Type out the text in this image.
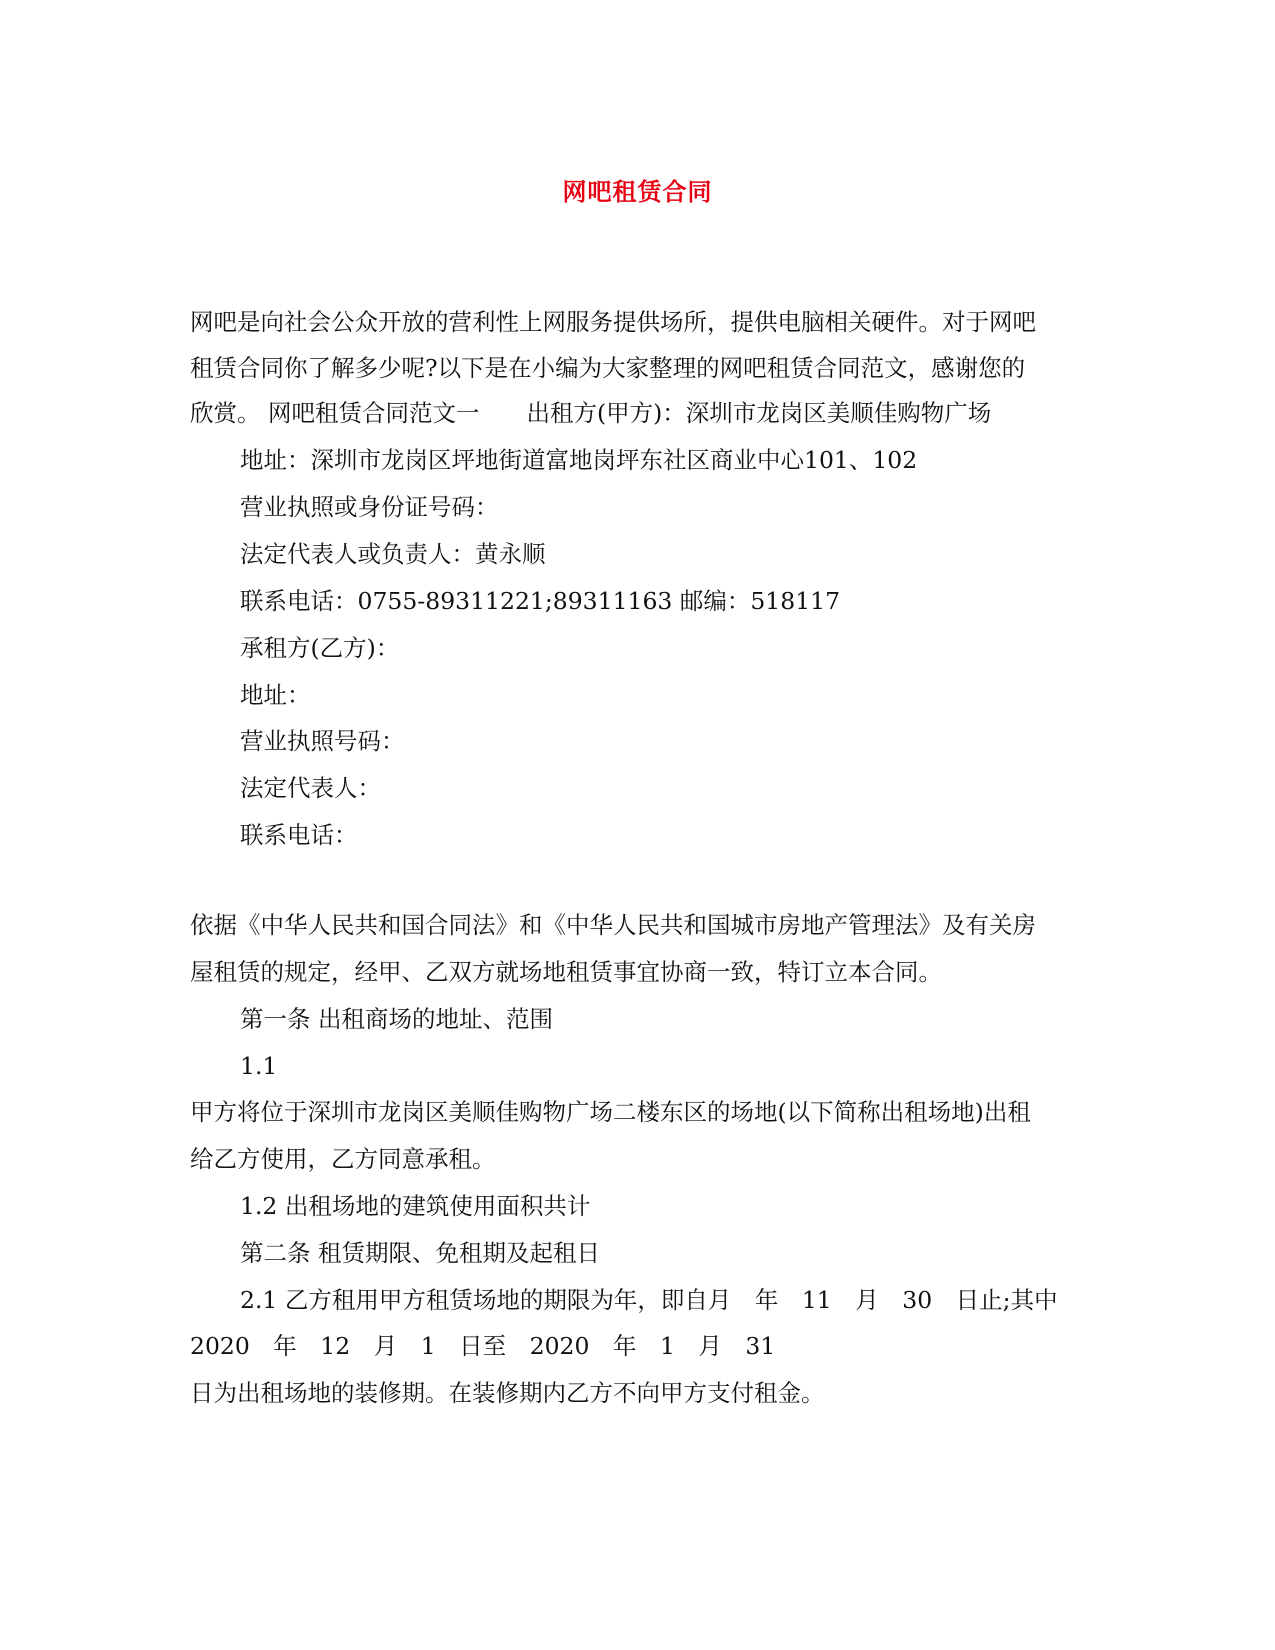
网吧租赁合同
网吧是向社会公众开放的营利性上网服务提供场所，提供电脑相关硬件。对于网吧
租赁合同你了解多少呢?以下是在小编为大家整理的网吧租赁合同范文，感谢您的
欣赏。 网吧租赁合同范文一　　出租方(甲方)：深圳市龙岗区美顺佳购物广场
地址：深圳市龙岗区坪地街道富地岗坪东社区商业中心101、102
营业执照或身份证号码：
法定代表人或负责人：黄永顺
联系电话：0755-89311221;89311163 邮编：518117
承租方(乙方)：
地址：
营业执照号码：
法定代表人：
联系电话：
依据《中华人民共和国合同法》和《中华人民共和国城市房地产管理法》及有关房
屋租赁的规定，经甲、乙双方就场地租赁事宜协商一致，特订立本合同。
第一条 出租商场的地址、范围
1.1
甲方将位于深圳市龙岗区美顺佳购物广场二楼东区的场地(以下简称出租场地)出租
给乙方使用，乙方同意承租。
1.2 出租场地的建筑使用面积共计
第二条 租赁期限、免租期及起租日
2.1 乙方租用甲方租赁场地的期限为年，即自月　年　11　月　30　日止;其中
2020　年　12　月　1　日至　2020　年　1　月　31
日为出租场地的装修期。在装修期内乙方不向甲方支付租金。
